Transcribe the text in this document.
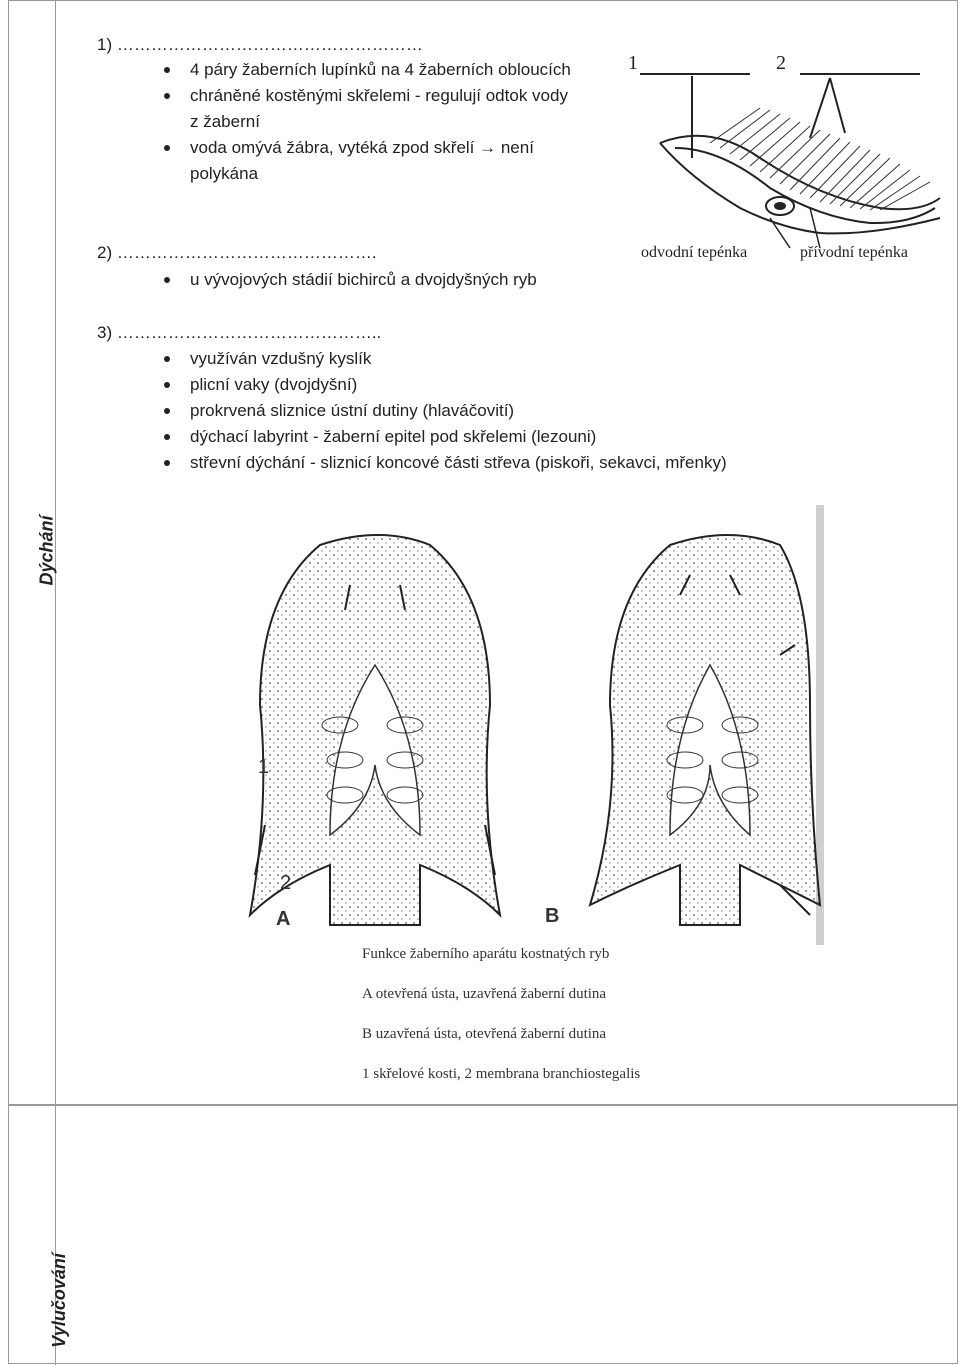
Dýchání
Vylučování
1) ………………………………………………
4 páry žaberních lupínků na 4 žaberních obloucích
chráněné kostěnými skřelemi - regulují odtok vody z žaberní
voda omývá žábra, vytéká zpod skřelí → není polykána
2) ……………………………………….
u vývojových stádií bichirců a dvojdyšných ryb
3) ………………………………………..
využíván vzdušný kyslík
plicní vaky (dvojdyšní)
prokrvená sliznice ústní dutiny (hlaváčovití)
dýchací labyrint - žaberní epitel pod skřelemi (lezouni)
střevní dýchání - sliznicí koncové části střeva (piskoři, sekavci, mřenky)
1	2
odvodní tepénka	přívodní tepénka
1
2
A	B
Funkce žaberního aparátu kostnatých ryb
A otevřená ústa, uzavřená žaberní dutina
B uzavřená ústa, otevřená žaberní dutina
1 skřelové kosti, 2 membrana branchiostegalis
